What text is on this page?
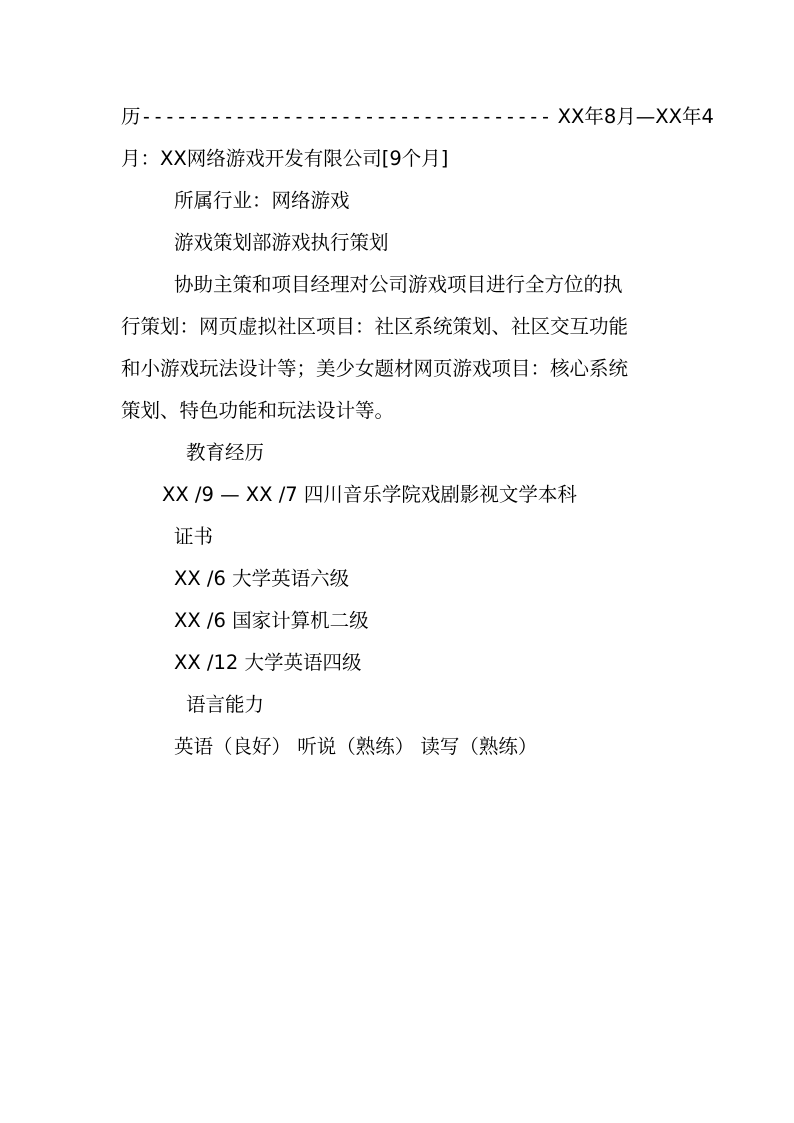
历----------------------------------- XX年8月—XX年4
月：XX网络游戏开发有限公司[9个月]
所属行业：网络游戏
游戏策划部游戏执行策划
协助主策和项目经理对公司游戏项目进行全方位的执
行策划：网页虚拟社区项目：社区系统策划、社区交互功能
和小游戏玩法设计等；美少女题材网页游戏项目：核心系统
策划、特色功能和玩法设计等。
教育经历
XX /9 — XX /7 四川音乐学院戏剧影视文学本科
证书
XX /6 大学英语六级
XX /6 国家计算机二级
XX /12 大学英语四级
语言能力
英语（良好） 听说（熟练） 读写（熟练）
